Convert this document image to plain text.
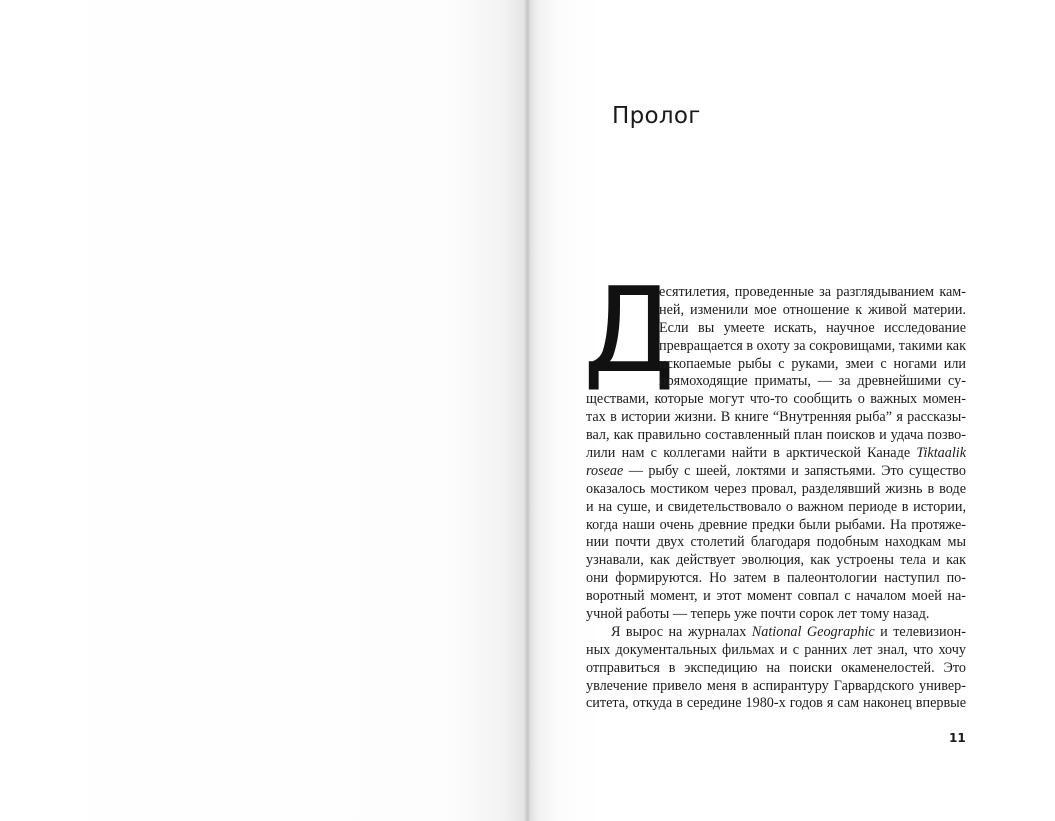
Пролог
Д
есятилетия, проведенные за разглядыванием кам-
ней, изменили мое отношение к живой материи.
Если вы умеете искать, научное исследование
превращается в охоту за сокровищами, такими как
ископаемые рыбы с руками, змеи с ногами или
прямоходящие приматы, — за древнейшими су-
ществами, которые могут что-то сообщить о важных момен-
тах в истории жизни. В книге “Внутренняя рыба” я рассказы-
вал, как правильно составленный план поисков и удача позво-
лили нам с коллегами найти в арктической Канаде Tiktaalik
roseae — рыбу с шеей, локтями и запястьями. Это существо
оказалось мостиком через провал, разделявший жизнь в воде
и на суше, и свидетельствовало о важном периоде в истории,
когда наши очень древние предки были рыбами. На протяже-
нии почти двух столетий благодаря подобным находкам мы
узнавали, как действует эволюция, как устроены тела и как
они формируются. Но затем в палеонтологии наступил по-
воротный момент, и этот момент совпал с началом моей на-
учной работы — теперь уже почти сорок лет тому назад.
Я вырос на журналах National Geographic и телевизион-
ных документальных фильмах и с ранних лет знал, что хочу
отправиться в экспедицию на поиски окаменелостей. Это
увлечение привело меня в аспирантуру Гарвардского универ-
ситета, откуда в середине 1980-х годов я сам наконец впервые
11
